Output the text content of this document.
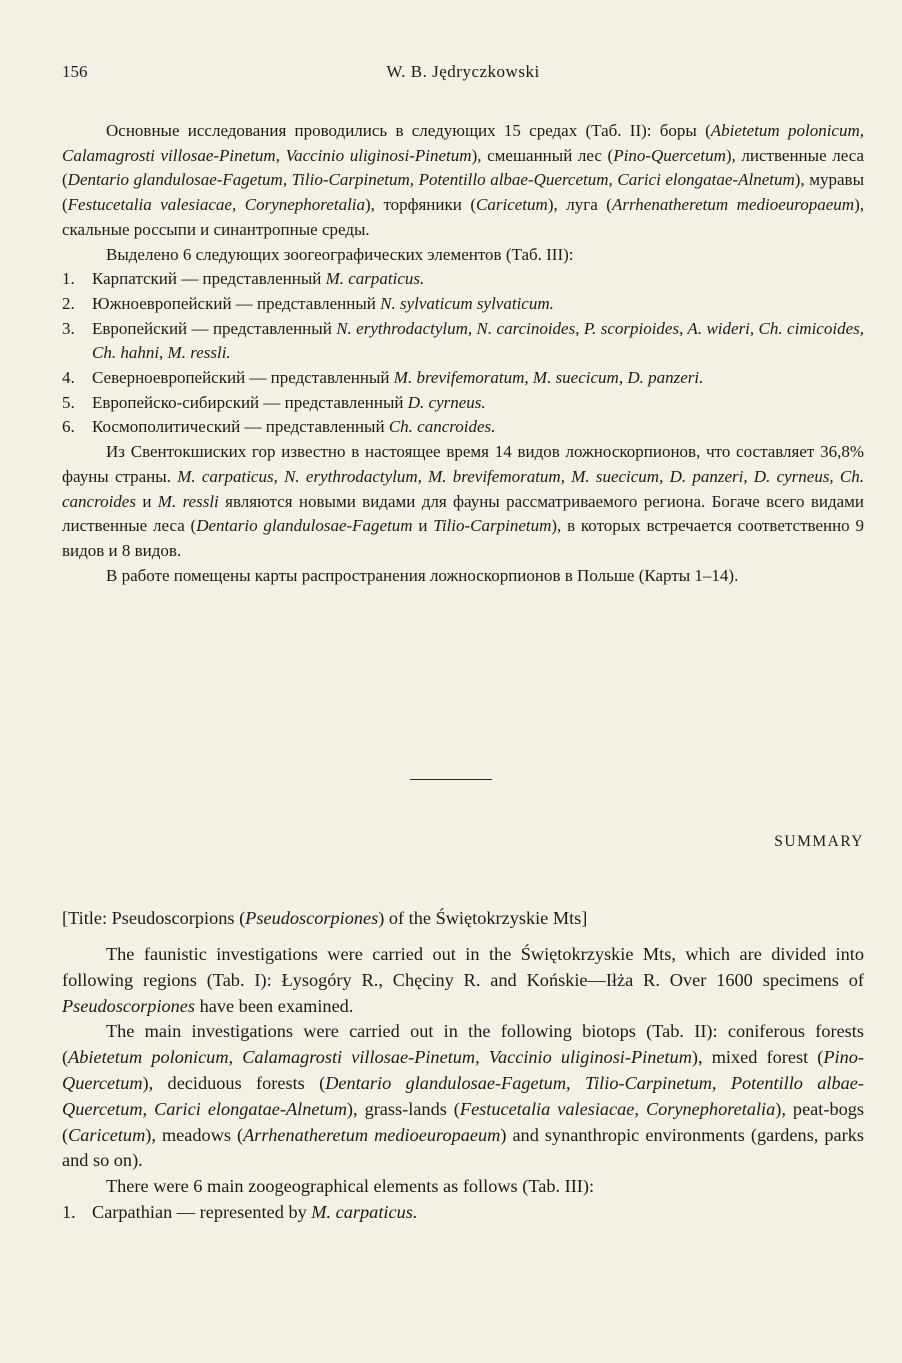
156	W. B. Jędryczkowski

Основные исследования проводились в следующих 15 средах (Таб. II): боры (Abietetum polonicum, Calamagrosti villosae-Pinetum, Vaccinio uliginosi-Pinetum), смешанный лес (Pino-Quercetum), лиственные леса (Dentario glandulosae-Fagetum, Tilio-Carpinetum, Potentillo albae-Quercetum, Carici elongatae-Alnetum), муравы (Festucetalia valesiacae, Corynephoretalia), торфяники (Caricetum), луга (Arrhenatheretum medioeuropaeum), скальные россыпи и синантропные среды.

Выделено 6 следующих зоогеографических элементов (Таб. III):

1. Карпатский — представленный M. carpaticus.

2. Южноевропейский — представленный N. sylvaticum sylvaticum.

3. Европейский — представленный N. erythrodactylum, N. carcinoides, P. scorpioides, A. wideri, Ch. cimicoides, Ch. hahni, M. ressli.

4. Северноевропейский — представленный M. brevifemoratum, M. suecicum, D. panzeri.

5. Европейско-сибирский — представленный D. cyrneus.

6. Космополитический — представленный Ch. cancroides.

Из Свентокшиских гор известно в настоящее время 14 видов ложноскорпионов, что составляет 36,8% фауны страны. M. carpaticus, N. erythrodactylum, M. brevifemoratum, M. suecicum, D. panzeri, D. cyrneus, Ch. cancroides и M. ressli являются новыми видами для фауны рассматриваемого региона. Богаче всего видами лиственные леса (Dentario glandulosae-Fagetum и Tilio-Carpinetum), в которых встречается соответственно 9 видов и 8 видов.

В работе помещены карты распространения ложноскорпионов в Польше (Карты 1–14).

SUMMARY
[Title: Pseudoscorpions (Pseudoscorpiones) of the Świętokrzyskie Mts]

The faunistic investigations were carried out in the Świętokrzyskie Mts, which are divided into following regions (Tab. I): Łysogóry R., Chęciny R. and Końskie—Iłża R. Over 1600 specimens of Pseudoscorpiones have been examined.

The main investigations were carried out in the following biotops (Tab. II): coniferous forests (Abietetum polonicum, Calamagrosti villosae-Pinetum, Vaccinio uliginosi-Pinetum), mixed forest (Pino-Quercetum), deciduous forests (Dentario glandulosae-Fagetum, Tilio-Carpinetum, Potentillo albae-Quercetum, Carici elongatae-Alnetum), grass-lands (Festucetalia valesiacae, Corynephoretalia), peat-bogs (Caricetum), meadows (Arrhenatheretum medioeuropaeum) and synanthropic environments (gardens, parks and so on).

There were 6 main zoogeographical elements as follows (Tab. III):

1. Carpathian — represented by M. carpaticus.
